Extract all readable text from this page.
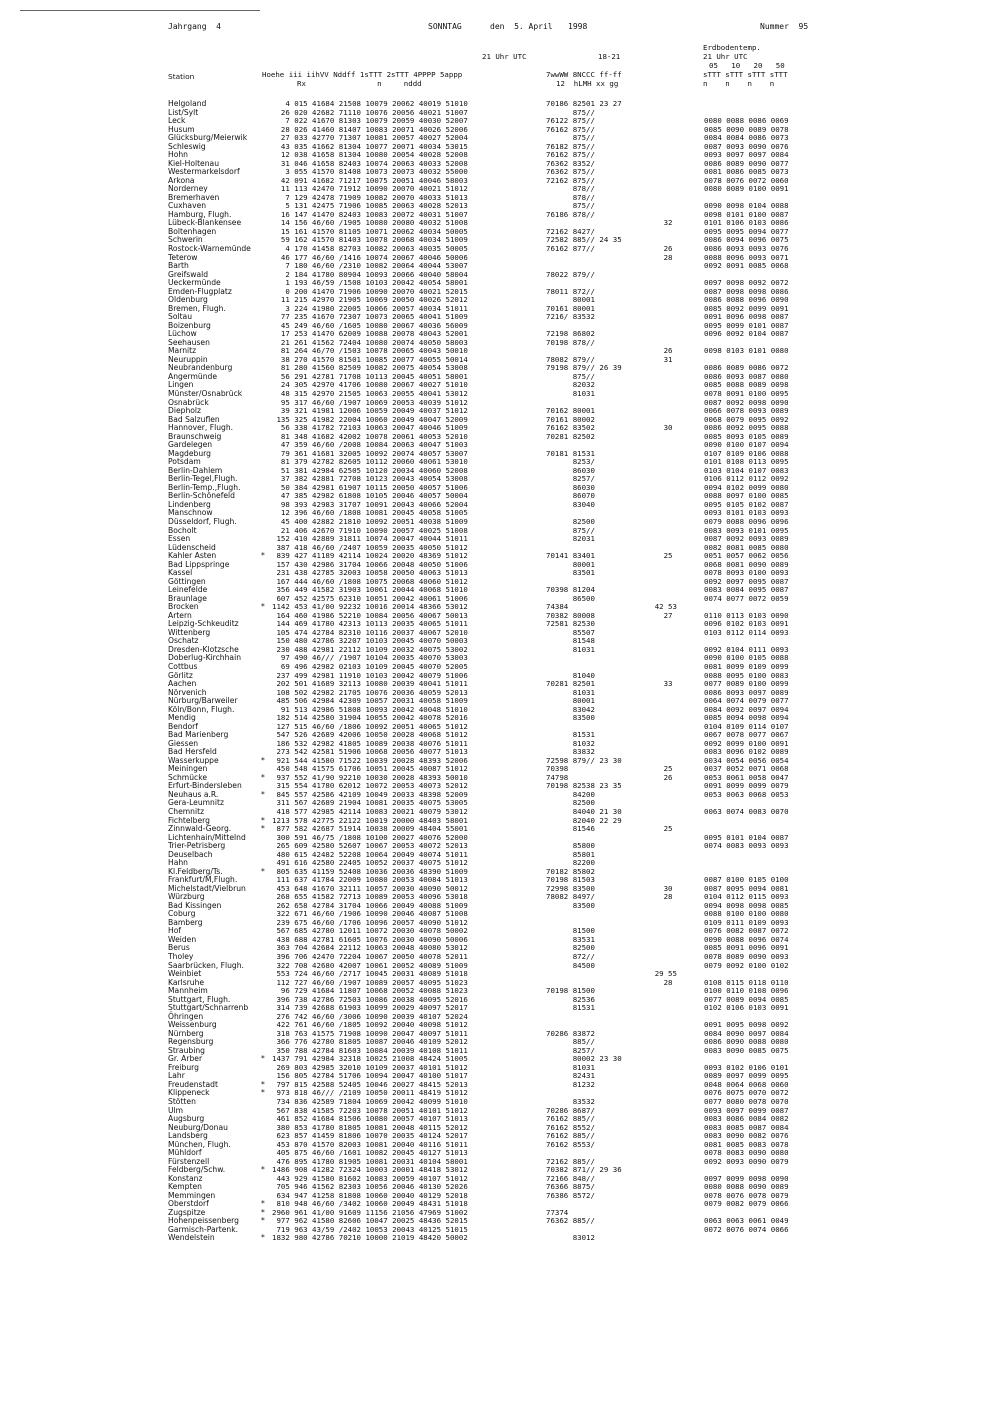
Jahrgang  4	SONNTAG	den  5. April 1998	Nummer  95
21 Uhr UTC	18-21
Erdbodentemp.
21 Uhr UTC
05   10   20   50
Station	Hoehe iii iihVV Nddff 1sTTT 2sTTT 4PPPP 5appp
Rx                n     nddd
7wwWW 8NCCC ff-ff
12  hLMH xx gg
sTTT sTTT sTTT sTTT
n    n    n    n
Helgoland	4 015 41684 21508 10079 20062 40019 51010	70186 82501 23 27
List/Sylt	26 020 42682 71110 10076 20056 40021 51007	875//
Leck	7 022 41670 81303 10079 20059 40030 52007	76122 875//	0080 0088 0086 0069
Husum	28 026 41460 81407 10083 20071 40026 52006	76162 875//	0085 0090 0089 0078
Glücksburg/Meierwik	27 033 42770 71307 10081 20057 40027 52004	875//	0084 0084 0086 0073
Schleswig	43 035 41662 81304 10077 20071 40034 53015	76182 875//	0087 0093 0090 0076
Hohn	12 038 41658 81304 10080 20054 40028 52008	76162 875//	0093 0097 0097 0084
Kiel-Holtenau	31 046 41658 82403 10074 20063 40033 52008	76362 8352/	0086 0089 0090 0077
Westermarkelsdorf	3 055 41570 81408 10073 20073 40032 55000	76362 875//	0081 0086 0085 0073
Arkona	42 091 41682 71217 10075 20051 40046 58003	72162 875//	0078 0076 0072 0060
Norderney	11 113 42470 71912 10090 20070 40021 51012	878//	0080 0089 0100 0091
Bremerhaven	7 129 42478 71909 10082 20070 40033 51013	878//
Cuxhaven	5 131 42475 71906 10085 20063 40028 52013	875//	0090 0098 0104 0088
Hamburg, Flugh.	16 147 41470 82403 10083 20072 40031 51007	76186 878//	0098 0101 0100 0087
Lübeck-Blankensee	14 156 46/60 /1905 10080 20080 40032 51008	32	0101 0106 0103 0086
Boltenhagen	15 161 41570 81105 10071 20062 40034 50005	72162 8427/	0095 0095 0094 0077
Schwerin	59 162 41570 81403 10078 20068 40034 51009	72582 885// 24 35	0086 0094 0096 0075
Rostock-Warnemünde	4 170 41458 82703 10082 20063 40035 50005	76162 877//	26	0086 0093 0093 0076
Teterow	46 177 46/60 /1416 10074 20067 40046 50006	28	0088 0096 0093 0071
Barth	7 180 46/60 /2310 10082 20064 40044 53007	0092 0091 0085 0068
Greifswald	2 184 41780 80904 10093 20066 40040 58004	78022 879//
Ueckermünde	1 193 46/59 /1508 10103 20042 40054 58001	0097 0098 0092 0072
Emden-Flugplatz	0 200 41470 71906 10090 20070 40021 52015	78011 872//	0087 0098 0098 0086
Oldenburg	11 215 42970 21905 10069 20050 40026 52012	80001	0086 0088 0096 0090
Bremen, Flugh.	3 224 41980 22005 10066 20057 40034 51011	70161 80001	0085 0092 0099 0091
Soltau	77 235 41670 72307 10073 20065 40041 51009	7216/ 83532	0091 0096 0098 0087
Boizenburg	45 249 46/60 /1605 10080 20067 40036 56009	0095 0099 0101 0087
Lüchow	17 253 41470 62009 10088 20078 40043 52001	72198 86802	0096 0092 0104 0087
Seehausen	21 261 41562 72404 10080 20074 40050 58003	70198 878//
Marnitz	81 264 46/70 /1503 10078 20065 40043 50010	26	0098 0103 0101 0080
Neuruppin	38 270 41570 81501 10085 20077 40055 50014	78082 879//	31
Neubrandenburg	81 280 41560 82509 10082 20075 40054 53008	79198 879// 26 39	0086 0089 0086 0072
Angermünde	56 291 42781 71708 10113 20045 40051 58001	875//	0086 0093 0087 0080
Lingen	24 305 42970 41706 10080 20067 40027 51010	82032	0085 0088 0089 0098
Münster/Osnabrück	48 315 42970 21505 10063 20055 40041 53012	81031	0078 0091 0100 0095
Osnabrück	95 317 46/60 /1907 10069 20053 40039 51012	0087 0092 0098 0090
Diepholz	39 321 41981 12006 10059 20049 40037 51012	70162 80001	0066 0078 0093 0089
Bad Salzuflen	135 325 41982 22004 10060 20049 40047 52009	70161 80002	0068 0079 0095 0092
Hannover, Flugh.	56 338 41782 72103 10063 20047 40046 51009	76162 83502	30	0086 0092 0095 0088
Braunschweig	81 348 41682 42002 10078 20061 40053 52010	70281 82502	0085 0093 0105 0089
Gardelegen	47 359 46/60 /2008 10084 20063 40047 51003	0090 0100 0107 0094
Magdeburg	79 361 41681 32005 10092 20074 40057 53007	70181 81531	0107 0109 0106 0088
Potsdam	81 379 42782 82605 10112 20060 40061 53010	8253/	0101 0108 0113 0095
Berlin-Dahlem	51 381 42984 62505 10120 20034 40060 52008	86030	0103 0104 0107 0083
Berlin-Tegel,Flugh.	37 382 42881 72708 10123 20043 40054 53008	8257/	0106 0112 0112 0092
Berlin-Temp.,Flugh.	50 384 42981 61907 10115 20050 40057 51006	86030	0094 0102 0099 0080
Berlin-Schönefeld	47 385 42982 61808 10105 20046 40057 50004	86070	0088 0097 0100 0085
Lindenberg	98 393 42983 31707 10091 20043 40066 52004	83040	0095 0105 0102 0087
Manschnow	12 396 46/60 /1808 10081 20045 40058 51005	0093 0101 0103 0093
Düsseldorf, Flugh.	45 400 42882 21810 10092 20051 40038 51009	82500	0079 0088 0096 0096
Bocholt	21 406 42670 71910 10090 20057 40025 51008	875//	0083 0093 0101 0095
Essen	152 410 42889 31811 10074 20047 40044 51011	82031	0087 0092 0093 0089
Lüdenscheid	387 418 46/60 /2407 10059 20035 40050 51012	0082 0081 0085 0080
Kahler Asten	* 839 427 41189 42114 10024 20020 48369 51012	70141 83401	25	0051 0057 0062 0056
Bad Lippspringe	157 430 42986 31704 10066 20048 40050 51006	80001	0068 0081 0090 0089
Kassel	231 438 42785 32003 10058 20050 40063 51013	83501	0078 0093 0100 0093
Göttingen	167 444 46/60 /1808 10075 20068 40060 51012	0092 0097 0095 0087
Leinefelde	356 449 41582 31903 10061 20044 40068 51010	70398 81204	0083 0084 0095 0087
Braunlage	607 452 42575 62310 10051 20042 40061 51006	86500	0074 0077 0072 0059
Brocken	* 1142 453 41/00 92232 10016 20014 48366 53012	74384	42 53
Artern	164 460 41986 52210 10084 20056 40067 50013	70382 80008	27	0110 0113 0103 0090
Leipzig-Schkeuditz	144 469 41780 42313 10113 20035 40065 51011	72581 82530	0096 0102 0103 0091
Wittenberg	105 474 42784 82310 10116 20037 40067 52010	85507	0103 0112 0114 0093
Oschatz	150 480 42786 32207 10103 20045 40070 50003	81548
Dresden-Klotzsche	230 488 42981 22112 10109 20032 40075 53002	81031	0092 0104 0111 0093
Doberlug-Kirchhain	97 490 46/// /1907 10104 20035 40070 53003	0090 0100 0105 0088
Cottbus	69 496 42982 02103 10109 20045 40070 52005	0081 0099 0109 0099
Görlitz	237 499 42981 11910 10103 20042 40079 51006	81040	0088 0095 0100 0083
Aachen	202 501 41689 32113 10080 20039 40041 51011	70281 82501	33	0077 0089 0100 0099
Nörvenich	108 502 42982 21705 10076 20036 40059 52013	81031	0086 0093 0097 0089
Nürburg/Barweiler	485 506 42984 42309 10057 20031 40058 51009	80001	0064 0074 0079 0077
Köln/Bonn, Flugh.	91 513 42986 51808 10093 20042 40048 51010	83042	0084 0092 0097 0094
Mendig	182 514 42580 31904 10055 20042 40078 52016	83500	0085 0094 0098 0094
Bendorf	127 515 46/60 /1806 10092 20051 40065 51012	0104 0109 0114 0107
Bad Marienberg	547 526 42689 42006 10050 20028 40068 51012	81531	0067 0078 0077 0067
Giessen	186 532 42982 41805 10089 20038 40076 51011	81032	0092 0099 0100 0091
Bad Hersfeld	273 542 42581 51906 10068 20056 40077 51013	83832	0083 0096 0102 0089
Wasserkuppe	* 921 544 41580 71522 10039 20028 48393 52006	72598 879// 23 30	0034 0054 0056 0054
Meiningen	450 548 41575 61706 10051 20045 40087 51012	70398	25	0037 0052 0071 0068
Schmücke	* 937 552 41/90 92210 10030 20028 48393 50010	74798	26	0053 0061 0058 0047
Erfurt-Bindersleben	315 554 41780 62012 10072 20053 40073 52012	70198 82538 23 35	0091 0099 0099 0079
Neuhaus a.R.	* 845 557 42586 42109 10049 20033 48398 52009	84200	0053 0063 0068 0053
Gera-Leumnitz	311 567 42689 21904 10081 20035 40075 53005	82500
Chemnitz	418 577 42985 42114 10083 20021 40079 53012	84040 21 30	0063 0074 0083 0070
Fichtelberg	* 1213 578 42775 22122 10019 20000 48403 58001	82040 22 29
Zinnwald-Georg.	* 877 582 42687 51914 10038 20009 48404 55001	81546	25
Lichtenhain/Mittelnd	300 591 46/75 /1808 10100 20027 40076 52000	0095 0101 0104 0087
Trier-Petrisberg	265 609 42580 52607 10067 20053 40072 52013	85800	0074 0083 0093 0093
Deuselbach	480 615 42482 52208 10064 20049 40074 51011	85801
Hahn	491 616 42580 22405 10052 20037 40075 51012	82200
Kl.Feldberg/Ts.	* 805 635 41159 52408 10036 20036 48390 51009	70182 85802
Frankfurt/M,Flugh.	111 637 41784 22009 10080 20053 40084 51013	70198 81503	0087 0100 0105 0100
Michelstadt/Vielbrun	453 648 41670 32111 10057 20030 40090 50012	72998 83500	30	0087 0095 0094 0081
Würzburg	268 655 41582 72713 10089 20053 40096 53018	78082 8497/	28	0104 0112 0115 0093
Bad Kissingen	262 658 42784 31704 10066 20049 40088 51009	83500	0094 0098 0098 0085
Coburg	322 671 46/60 /1906 10090 20046 40087 51008	0088 0100 0100 0080
Bamberg	239 675 46/60 /1706 10096 20057 40090 51012	0109 0111 0109 0093
Hof	567 685 42780 12011 10072 20030 40078 50002	81500	0076 0082 0087 0072
Weiden	438 688 42781 61605 10076 20030 40090 50006	83531	0090 0088 0096 0074
Berus	363 704 42684 22112 10063 20048 40080 53012	82500	0085 0091 0096 0091
Tholey	396 706 42470 72204 10067 20050 40078 52011	872//	0078 0089 0090 0093
Saarbrücken, Flugh.	322 708 42680 42007 10061 20052 40089 51009	84500	0079 0092 0100 0102
Weinbiet	553 724 46/60 /2717 10045 20031 40089 51018	29 55
Karlsruhe	112 727 46/60 /1907 10089 20057 40095 51023	28	0108 0115 0118 0110
Mannheim	96 729 41684 11807 10068 20052 40088 51023	70198 81500	0100 0110 0108 0096
Stuttgart, Flugh.	396 738 42786 72503 10086 20038 40095 52016	82536	0077 0089 0094 0085
Stuttgart/Schnarrenb	314 739 42688 61903 10099 20029 40097 52017	81531	0102 0106 0103 0091
Öhringen	276 742 46/60 /3006 10090 20039 40107 52024
Weissenburg	422 761 46/60 /1805 10092 20040 40098 51012	0091 0095 0098 0092
Nürnberg	318 763 41575 71908 10090 20047 40097 51011	70286 83872	0084 0090 0097 0084
Regensburg	366 776 42780 81805 10087 20046 40109 52012	885//	0086 0090 0088 0080
Straubing	350 788 42784 81603 10084 20039 40108 51011	8257/	0083 0090 0085 0075
Gr. Arber	* 1437 791 42984 32318 10025 21008 48424 51005	80002 23 30
Freiburg	269 803 42985 32010 10109 20037 40101 51012	81031	0093 0102 0106 0101
Lahr	156 805 42784 51706 10094 20047 40100 51017	82431	0089 0097 0099 0095
Freudenstadt	* 797 815 42588 52405 10046 20027 48415 52013	81232	0048 0064 0068 0060
Klippeneck	* 973 818 46/// /2109 10050 20011 48419 51012	0076 0075 0070 0072
Stötten	734 836 42589 71804 10069 20042 40099 51010	83532	0077 0080 0078 0070
Ulm	567 838 41585 72203 10078 20051 40101 51012	70286 8687/	0093 0097 0099 0087
Augsburg	461 852 41684 81506 10080 20057 40107 51013	76162 885//	0083 0086 0084 0082
Neuburg/Donau	380 853 41780 81805 10081 20048 40115 52012	76162 8552/	0083 0085 0087 0084
Landsberg	623 857 41459 81806 10070 20035 40124 52017	76162 885//	0083 0090 0082 0076
München, Flugh.	453 870 41570 82003 10081 20040 40116 51011	76162 8553/	0081 0085 0083 0078
Mühldorf	405 875 46/60 /1601 10082 20045 40127 51013	0078 0083 0090 0080
Fürstenzell	476 895 41780 81905 10081 20031 40104 58001	72162 885//	0092 0093 0090 0079
Feldberg/Schw.	* 1486 908 41282 72324 10003 20001 48418 53012	70382 871// 29 36
Konstanz	443 929 41580 81602 10083 20059 40107 51012	72166 848//	0097 0099 0098 0090
Kempten	705 946 41562 82303 10056 20046 40130 52026	76366 8875/	0080 0088 0090 0089
Memmingen	634 947 41258 81808 10060 20040 40129 52018	76386 8572/	0078 0076 0078 0079
Oberstdorf	* 810 948 46/60 /3402 10060 20049 48431 51018	0079 0082 0079 0066
Zugspitze	* 2960 961 41/00 91609 11156 21056 47969 51002	77374
Hohenpeissenberg	* 977 962 41580 82606 10047 20025 48436 52015	76362 885//	0063 0063 0061 0049
Garmisch-Partenk.	719 963 43/59 /2402 10053 20043 40125 51015	0072 0076 0074 0066
Wendelstein	* 1832 980 42786 70210 10000 21019 48420 50002	83012
